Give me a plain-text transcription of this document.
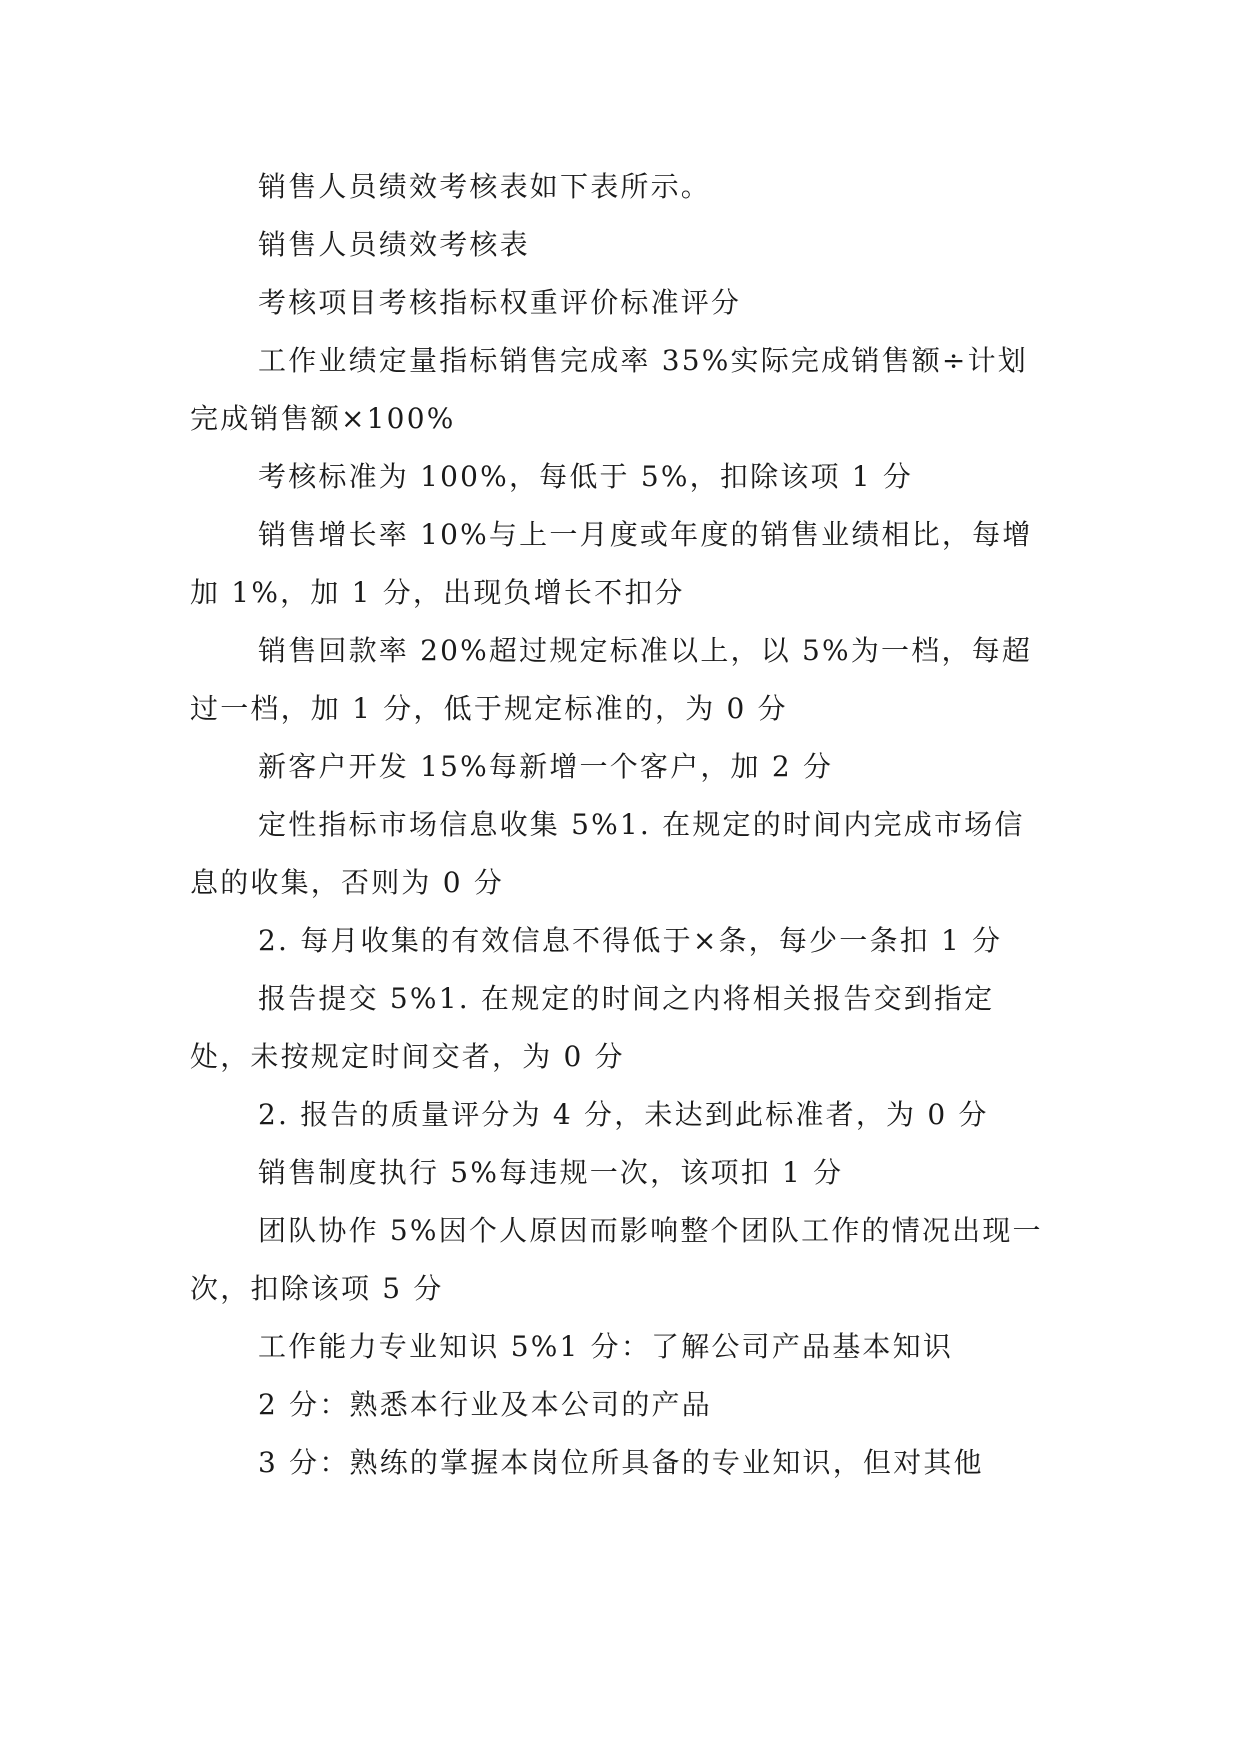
销售人员绩效考核表如下表所示。

销售人员绩效考核表

考核项目考核指标权重评价标准评分

工作业绩定量指标销售完成率 35%实际完成销售额÷计划完成销售额×100%

考核标准为 100%，每低于 5%，扣除该项 1 分

销售增长率 10%与上一月度或年度的销售业绩相比，每增加 1%，加 1 分，出现负增长不扣分

销售回款率 20%超过规定标准以上，以 5%为一档，每超过一档，加 1 分，低于规定标准的，为 0 分

新客户开发 15%每新增一个客户，加 2 分

定性指标市场信息收集 5%1. 在规定的时间内完成市场信息的收集，否则为 0 分

2. 每月收集的有效信息不得低于×条，每少一条扣 1 分

报告提交 5%1. 在规定的时间之内将相关报告交到指定处，未按规定时间交者，为 0 分

2. 报告的质量评分为 4 分，未达到此标准者，为 0 分

销售制度执行 5%每违规一次，该项扣 1 分

团队协作 5%因个人原因而影响整个团队工作的情况出现一次，扣除该项 5 分

工作能力专业知识 5%1 分：了解公司产品基本知识

2 分：熟悉本行业及本公司的产品

3 分：熟练的掌握本岗位所具备的专业知识，但对其他
